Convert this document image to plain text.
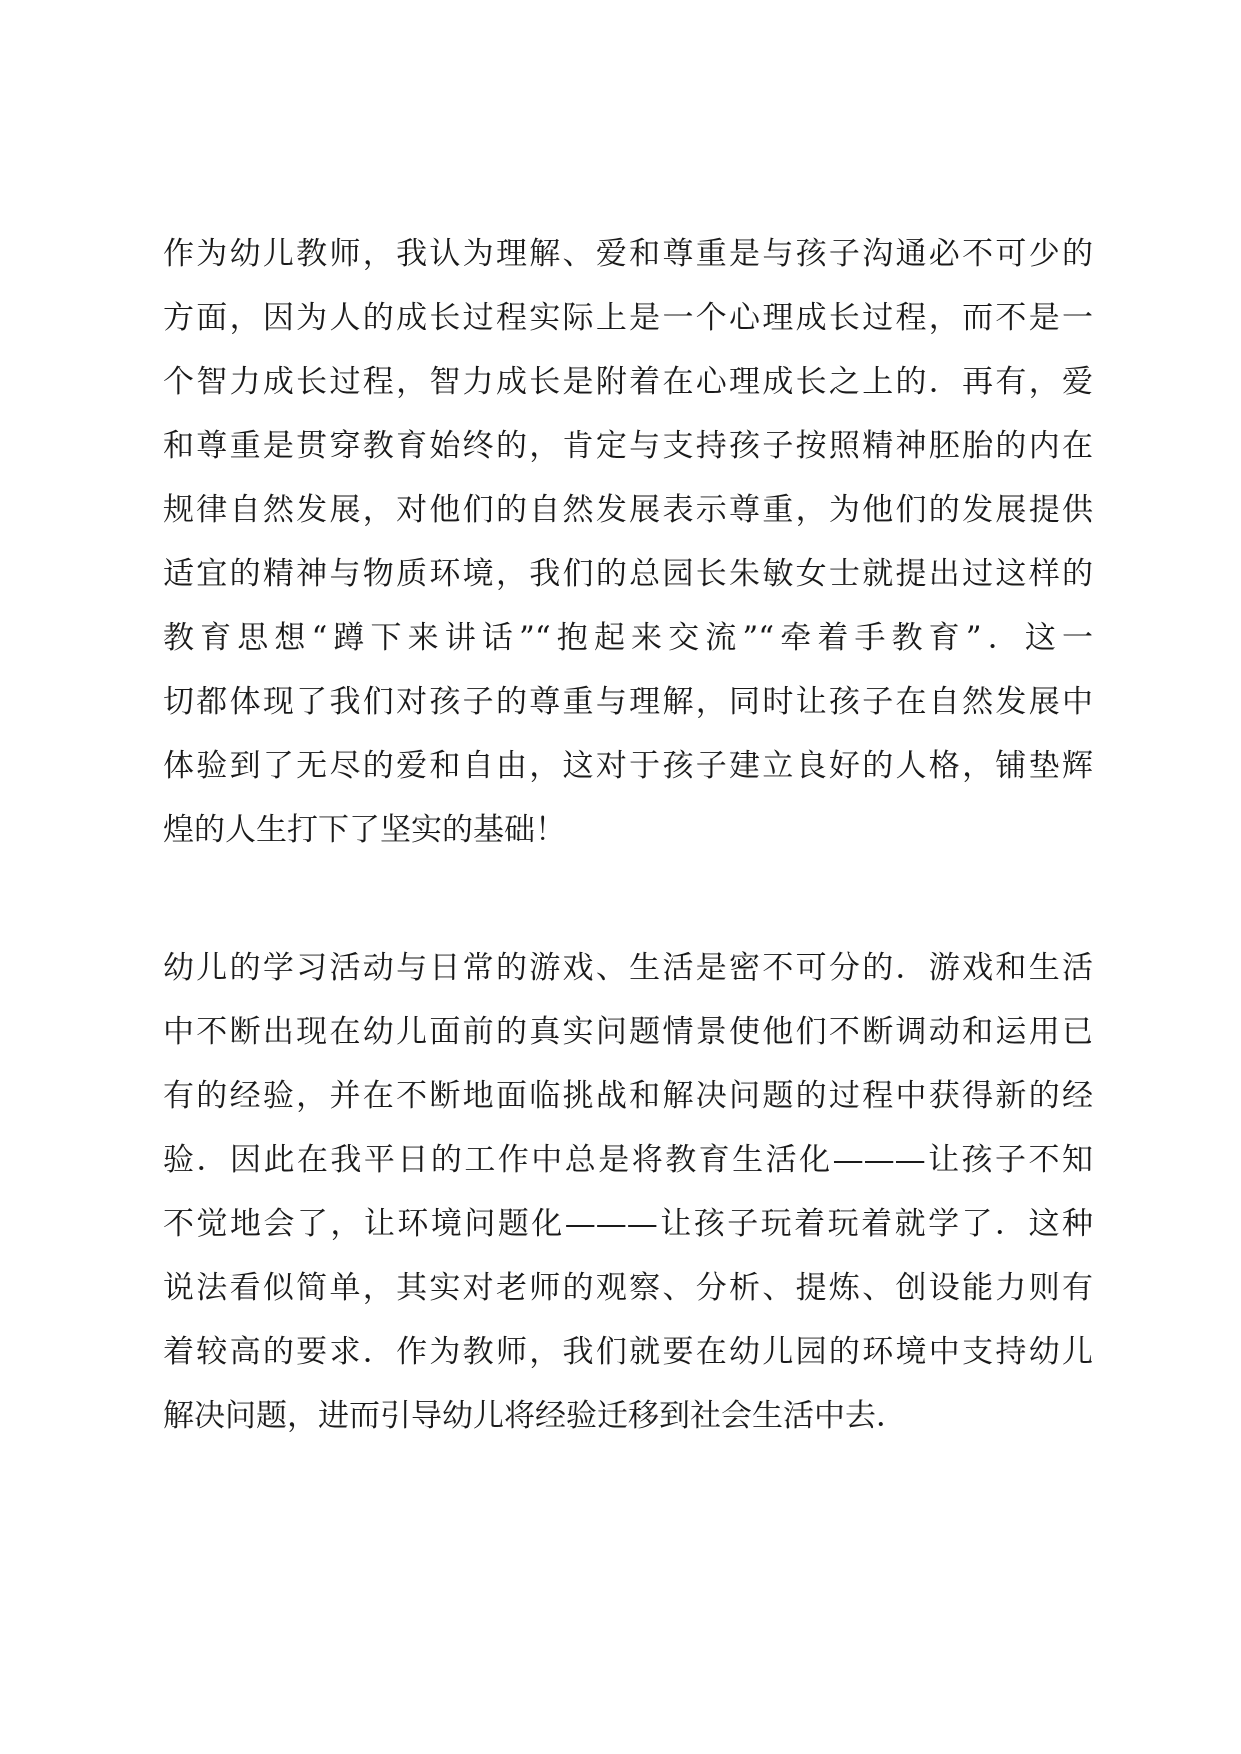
作为幼儿教师，我认为理解、爱和尊重是与孩子沟通必不可少的
方面，因为人的成长过程实际上是一个心理成长过程，而不是一
个智力成长过程，智力成长是附着在心理成长之上的．再有，爱
和尊重是贯穿教育始终的，肯定与支持孩子按照精神胚胎的内在
规律自然发展，对他们的自然发展表示尊重，为他们的发展提供
适宜的精神与物质环境，我们的总园长朱敏女士就提出过这样的
教育思想“蹲下来讲话”“抱起来交流”“牵着手教育”．这一
切都体现了我们对孩子的尊重与理解，同时让孩子在自然发展中
体验到了无尽的爱和自由，这对于孩子建立良好的人格，铺垫辉
煌的人生打下了坚实的基础！
幼儿的学习活动与日常的游戏、生活是密不可分的．游戏和生活
中不断出现在幼儿面前的真实问题情景使他们不断调动和运用已
有的经验，并在不断地面临挑战和解决问题的过程中获得新的经
验．因此在我平日的工作中总是将教育生活化———让孩子不知
不觉地会了，让环境问题化———让孩子玩着玩着就学了．这种
说法看似简单，其实对老师的观察、分析、提炼、创设能力则有
着较高的要求．作为教师，我们就要在幼儿园的环境中支持幼儿
解决问题，进而引导幼儿将经验迁移到社会生活中去．
